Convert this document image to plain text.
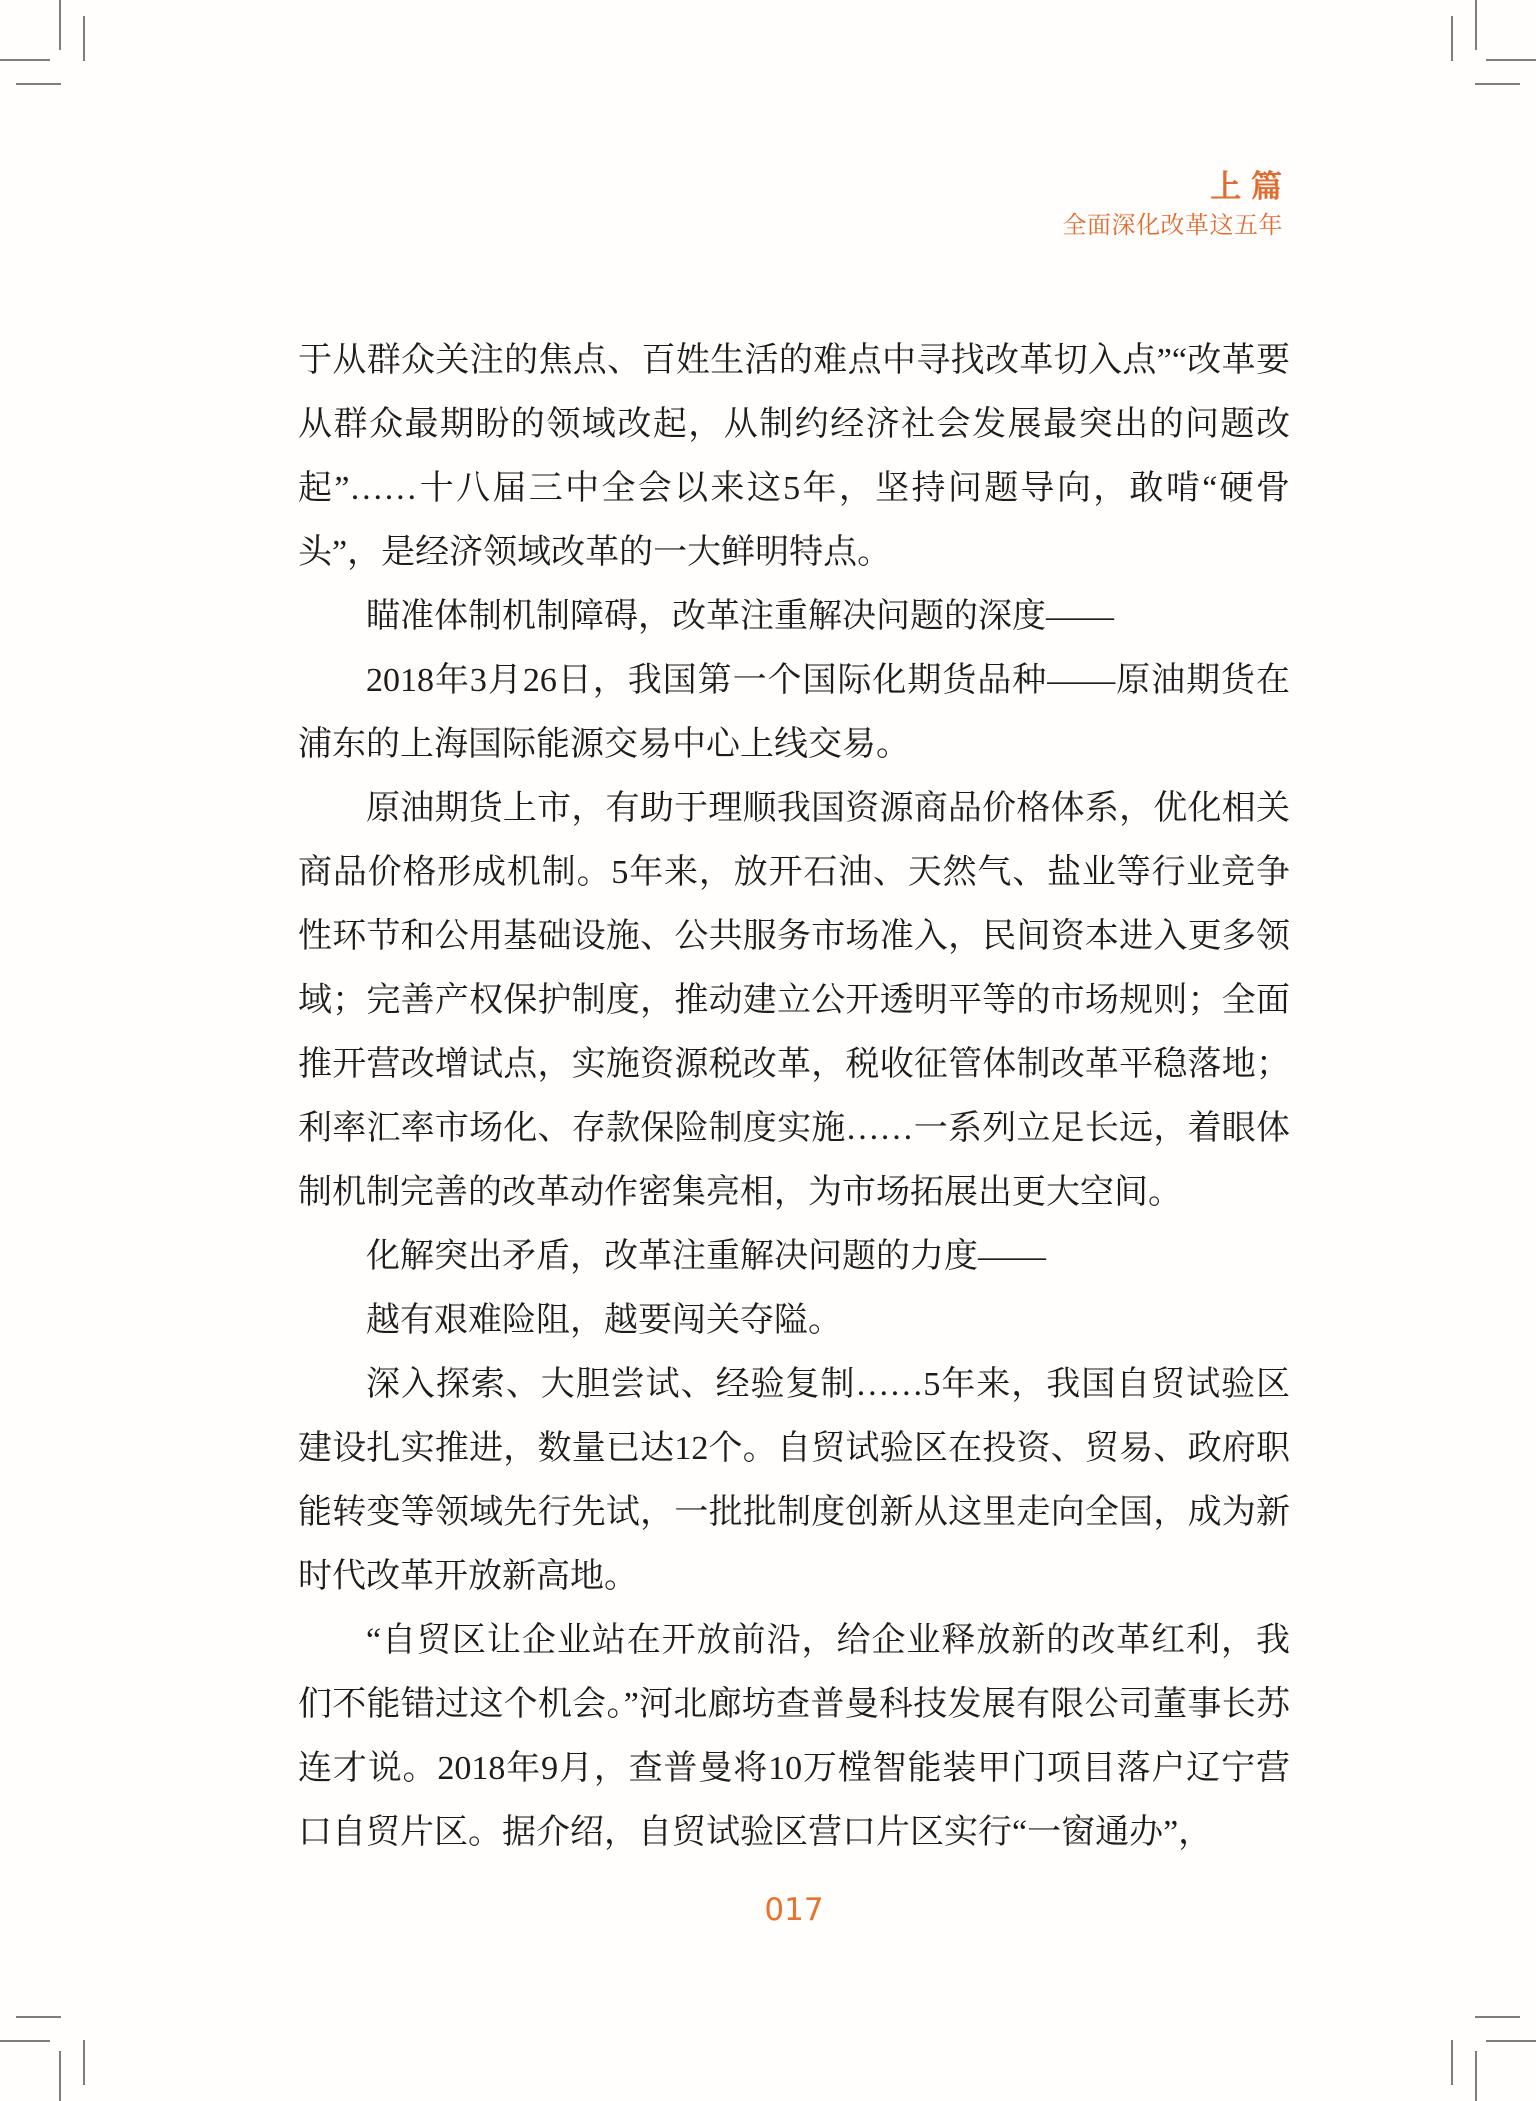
上 篇
全面深化改革这五年

于从群众关注的焦点、百姓生活的难点中寻找改革切入点”“改革要从群众最期盼的领域改起，从制约经济社会发展最突出的问题改起”……十八届三中全会以来这5年，坚持问题导向，敢啃“硬骨头”，是经济领域改革的一大鲜明特点。

瞄准体制机制障碍，改革注重解决问题的深度——

2018年3月26日，我国第一个国际化期货品种——原油期货在浦东的上海国际能源交易中心上线交易。

原油期货上市，有助于理顺我国资源商品价格体系，优化相关商品价格形成机制。5年来，放开石油、天然气、盐业等行业竞争性环节和公用基础设施、公共服务市场准入，民间资本进入更多领域；完善产权保护制度，推动建立公开透明平等的市场规则；全面推开营改增试点，实施资源税改革，税收征管体制改革平稳落地；利率汇率市场化、存款保险制度实施……一系列立足长远，着眼体制机制完善的改革动作密集亮相，为市场拓展出更大空间。

化解突出矛盾，改革注重解决问题的力度——

越有艰难险阻，越要闯关夺隘。

深入探索、大胆尝试、经验复制……5年来，我国自贸试验区建设扎实推进，数量已达12个。自贸试验区在投资、贸易、政府职能转变等领域先行先试，一批批制度创新从这里走向全国，成为新时代改革开放新高地。

“自贸区让企业站在开放前沿，给企业释放新的改革红利，我们不能错过这个机会。”河北廊坊查普曼科技发展有限公司董事长苏连才说。2018年9月，查普曼将10万樘智能装甲门项目落户辽宁营口自贸片区。据介绍，自贸试验区营口片区实行“一窗通办”，

017
